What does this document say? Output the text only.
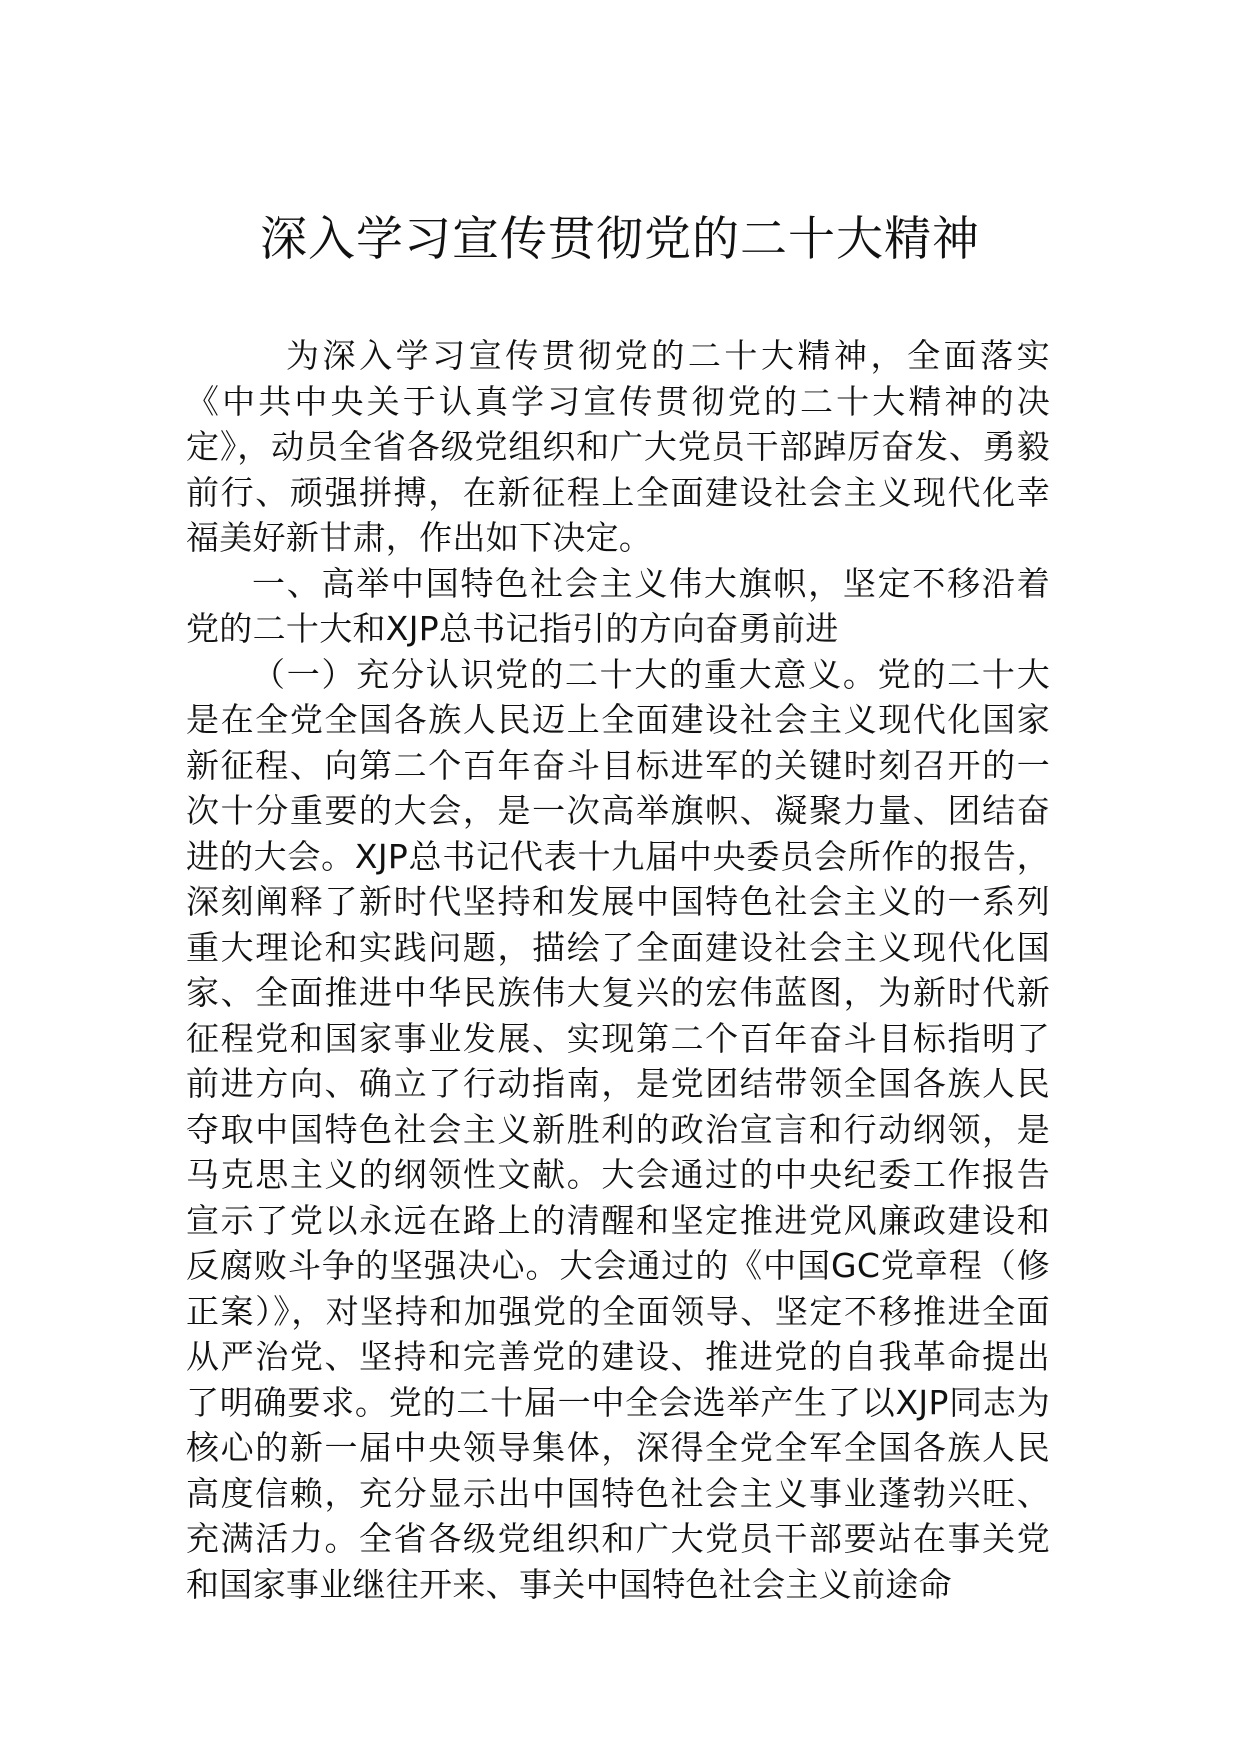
深入学习宣传贯彻党的二十大精神

为深入学习宣传贯彻党的二十大精神，全面落实《中共中央关于认真学习宣传贯彻党的二十大精神的决定》，动员全省各级党组织和广大党员干部踔厉奋发、勇毅前行、顽强拼搏，在新征程上全面建设社会主义现代化幸福美好新甘肃，作出如下决定。

一、高举中国特色社会主义伟大旗帜，坚定不移沿着党的二十大和XJP总书记指引的方向奋勇前进

（一）充分认识党的二十大的重大意义。党的二十大是在全党全国各族人民迈上全面建设社会主义现代化国家新征程、向第二个百年奋斗目标进军的关键时刻召开的一次十分重要的大会，是一次高举旗帜、凝聚力量、团结奋进的大会。XJP总书记代表十九届中央委员会所作的报告，深刻阐释了新时代坚持和发展中国特色社会主义的一系列重大理论和实践问题，描绘了全面建设社会主义现代化国家、全面推进中华民族伟大复兴的宏伟蓝图，为新时代新征程党和国家事业发展、实现第二个百年奋斗目标指明了前进方向、确立了行动指南，是党团结带领全国各族人民夺取中国特色社会主义新胜利的政治宣言和行动纲领，是马克思主义的纲领性文献。大会通过的中央纪委工作报告宣示了党以永远在路上的清醒和坚定推进党风廉政建设和反腐败斗争的坚强决心。大会通过的《中国GC党章程（修正案）》，对坚持和加强党的全面领导、坚定不移推进全面从严治党、坚持和完善党的建设、推进党的自我革命提出了明确要求。党的二十届一中全会选举产生了以XJP同志为核心的新一届中央领导集体，深得全党全军全国各族人民高度信赖，充分显示出中国特色社会主义事业蓬勃兴旺、充满活力。全省各级党组织和广大党员干部要站在事关党和国家事业继往开来、事关中国特色社会主义前途命
